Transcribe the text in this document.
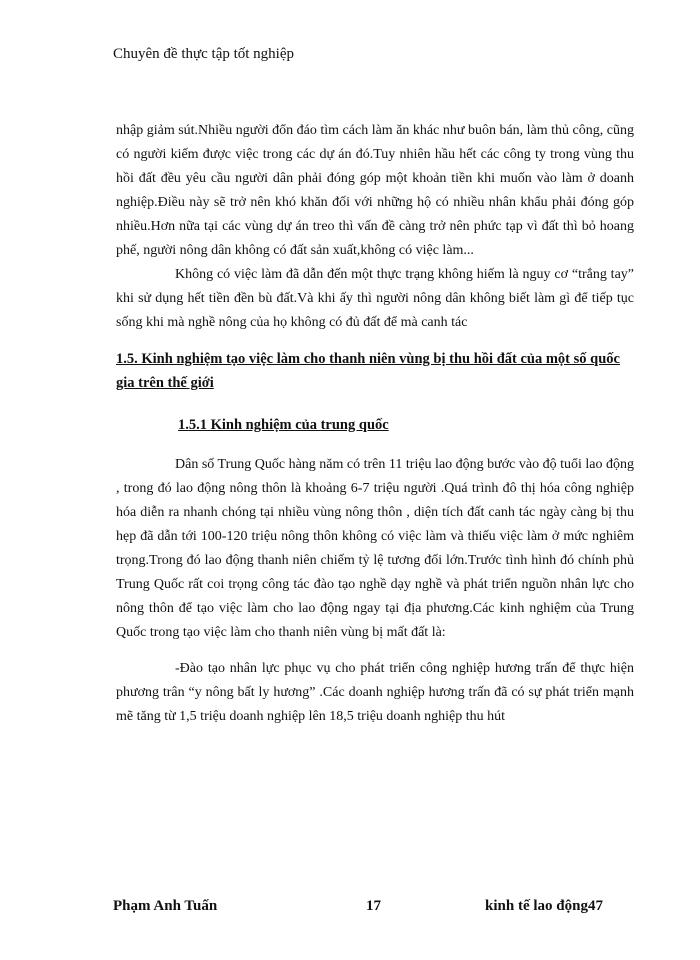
Chuyên đề thực tập tốt nghiệp

nhập giảm sút.Nhiều người đổn đáo tìm cách làm ăn khác như buôn bán, làm thủ công, cũng có người kiếm được việc trong các dự án đó.Tuy nhiên hầu hết các công ty trong vùng thu hồi đất đều yêu cầu người dân phải đóng góp một khoản tiền khi muốn vào làm ở doanh nghiệp.Điều này sẽ trở nên khó khăn đối với những hộ có nhiều nhân khẩu phải đóng góp nhiều.Hơn nữa tại các vùng dự án treo thì vấn đề càng trở nên phức tạp vì đất thì bỏ hoang phế, người nông dân không có đất sản xuất,không có việc làm...

Không có việc làm đã dẫn đến một thực trạng không hiếm là nguy cơ “trắng tay” khi sử dụng hết tiền đền bù đất.Và khi ấy thì người nông dân không biết làm gì để tiếp tục sống khi mà nghề nông của họ không có đủ đất để mà canh tác

1.5. Kinh nghiệm tạo việc làm cho thanh niên vùng bị thu hồi đất của một số quốc gia trên thế giới

1.5.1 Kinh nghiệm của trung quốc

Dân số Trung Quốc hàng năm có trên 11 triệu lao động bước vào độ tuổi lao động , trong đó lao động nông thôn là khoảng 6-7 triệu người .Quá trình đô thị hóa công nghiệp hóa diễn ra nhanh chóng tại nhiều vùng nông thôn , diện tích đất canh tác ngày càng bị thu hẹp đã dẫn tới 100-120 triệu nông thôn không có việc làm và thiếu việc làm ở mức nghiêm trọng.Trong đó lao động thanh niên chiếm tỷ lệ tương đối lớn.Trước tình hình đó chính phủ Trung Quốc rất coi trọng công tác đào tạo nghề dạy nghề và phát triển nguồn nhân lực cho nông thôn để tạo việc làm cho lao động ngay tại địa phương.Các kinh nghiệm của Trung Quốc trong tạo việc làm cho thanh niên vùng bị mất đất là:

-Đào tạo nhân lực phục vụ cho phát triển công nghiệp hương trấn để thực hiện phương trân “y nông bất ly hương” .Các doanh nghiệp hương trấn đã có sự phát triển mạnh mẽ tăng từ 1,5 triệu doanh nghiệp lên 18,5 triệu doanh nghiệp thu hút

Phạm Anh Tuấn	17	kinh tế lao động47
